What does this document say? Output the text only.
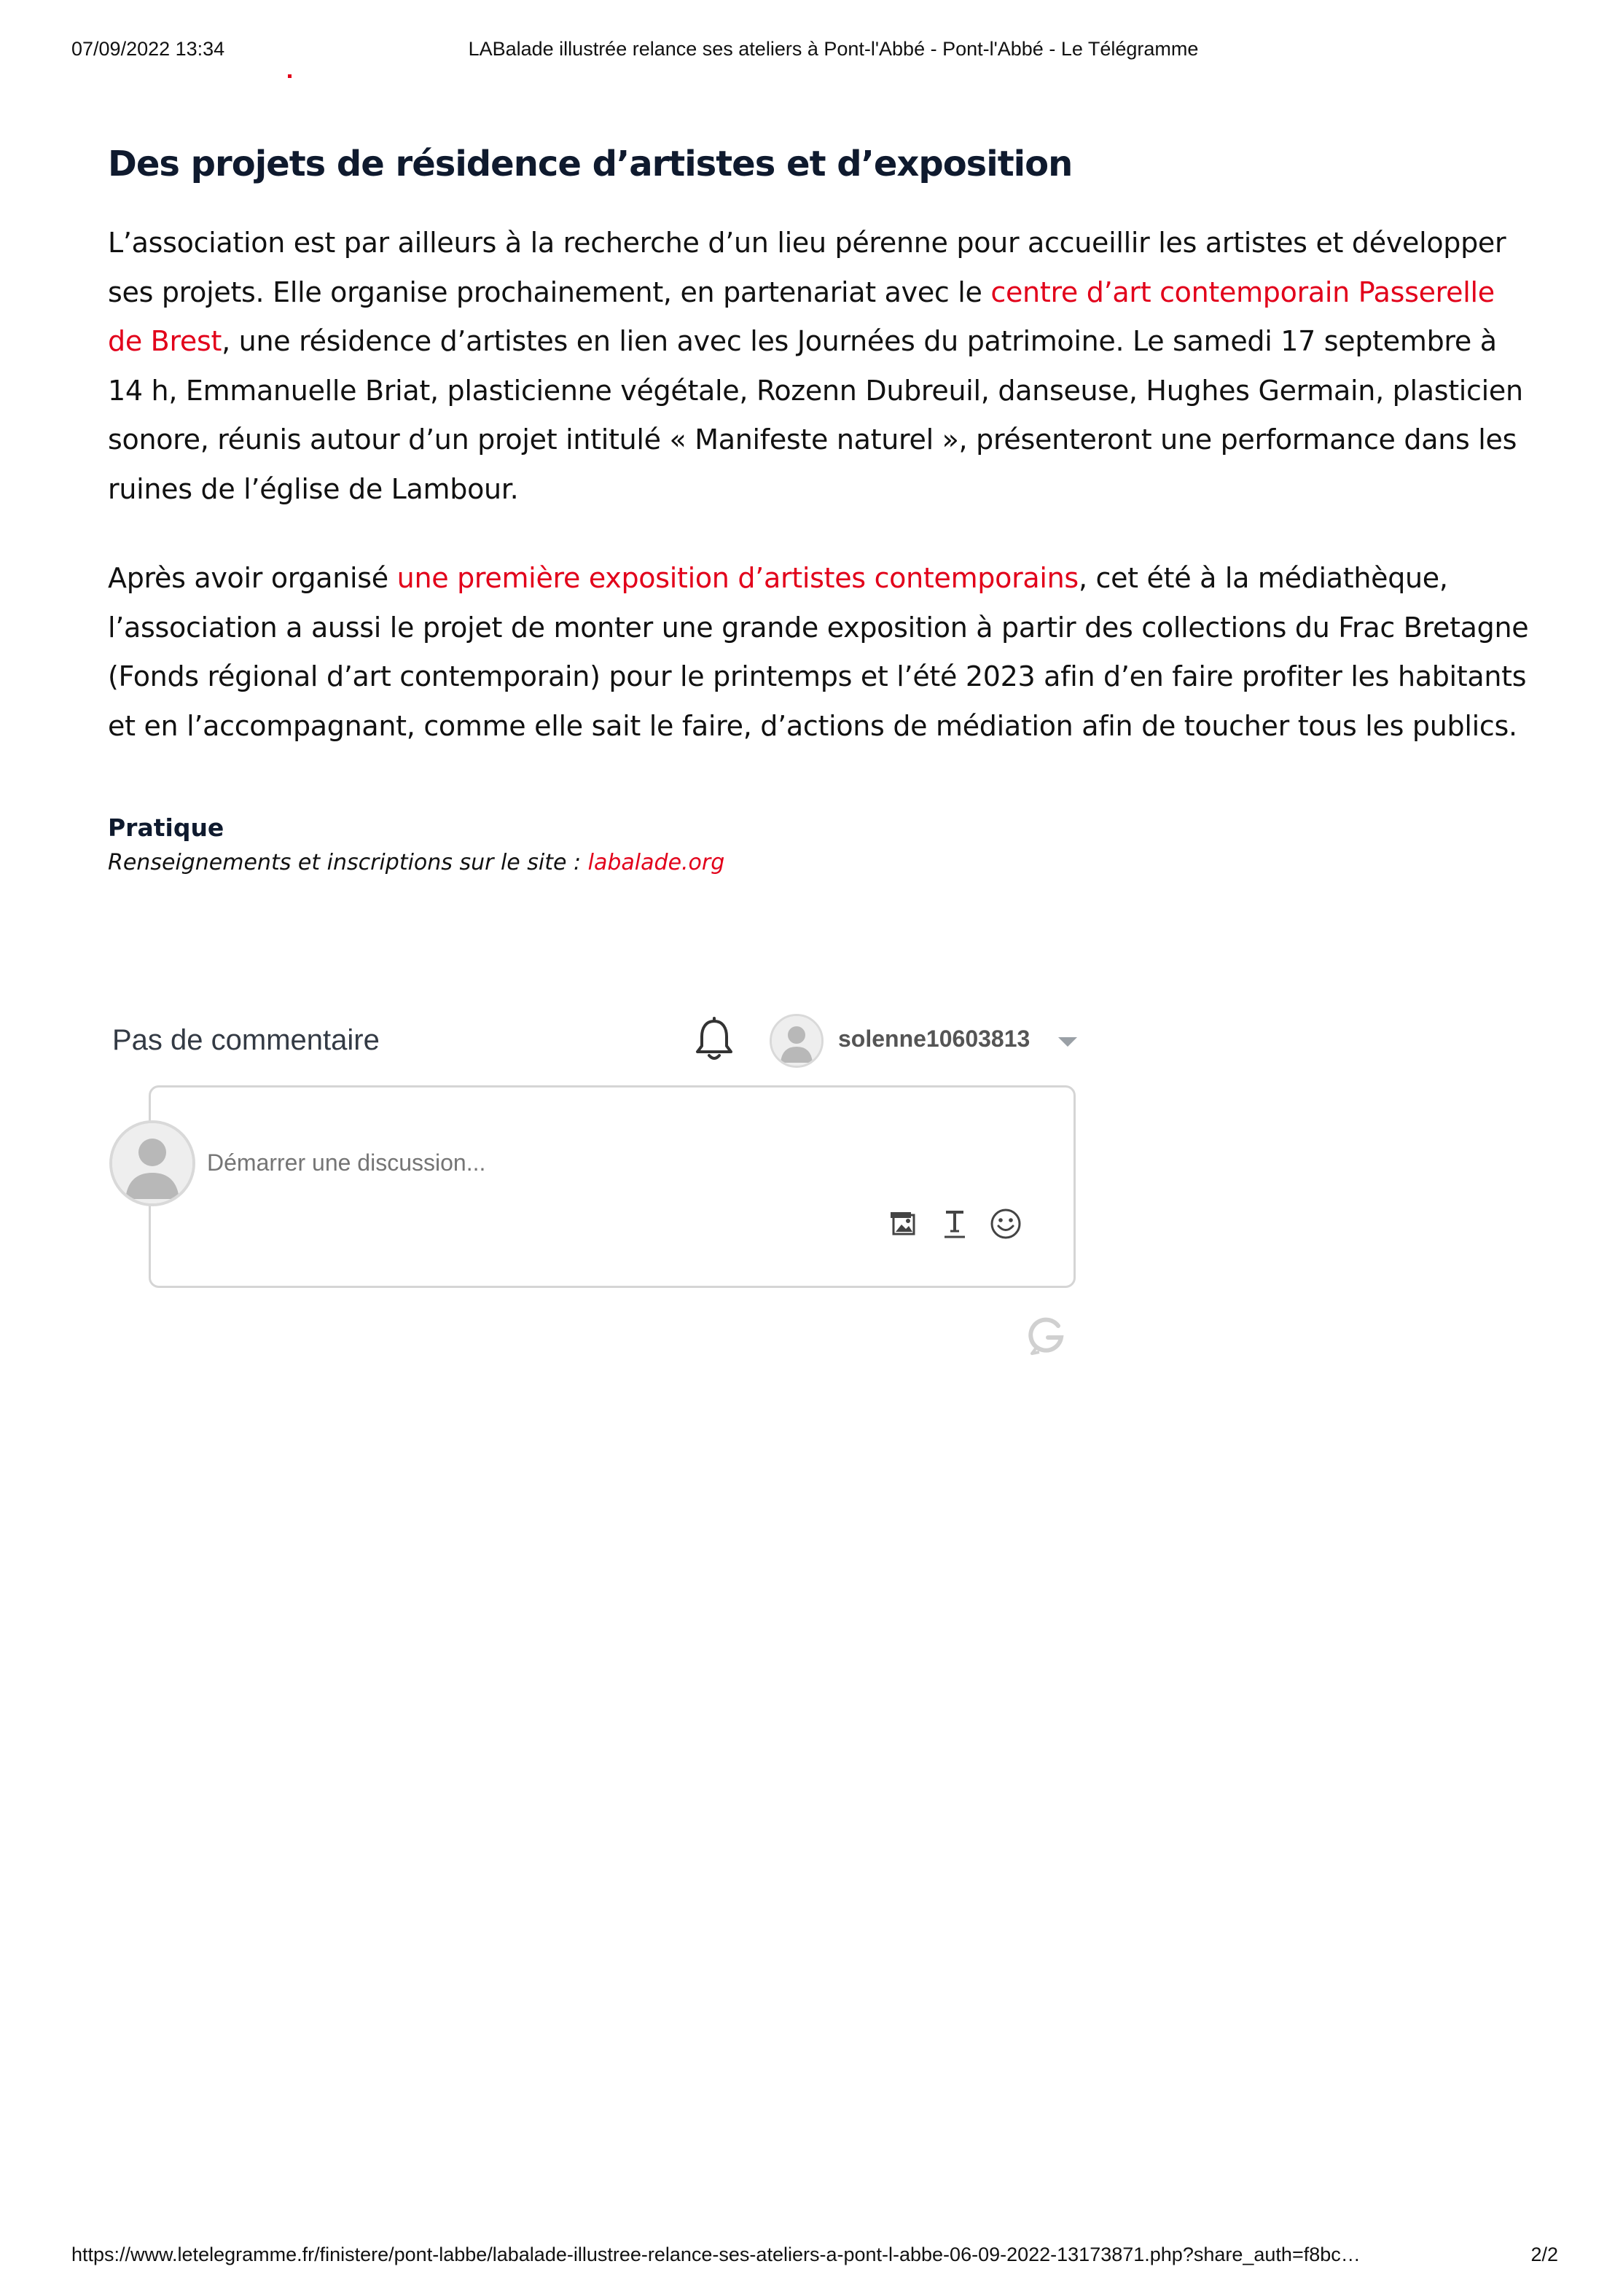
07/09/2022 13:34	LABalade illustrée relance ses ateliers à Pont-l'Abbé - Pont-l'Abbé - Le Télégramme
Des projets de résidence d’artistes et d’exposition

L’association est par ailleurs à la recherche d’un lieu pérenne pour accueillir les artistes et développer ses projets. Elle organise prochainement, en partenariat avec le centre d’art contemporain Passerelle de Brest, une résidence d’artistes en lien avec les Journées du patrimoine. Le samedi 17 septembre à 14 h, Emmanuelle Briat, plasticienne végétale, Rozenn Dubreuil, danseuse, Hughes Germain, plasticien sonore, réunis autour d’un projet intitulé « Manifeste naturel », présenteront une performance dans les ruines de l’église de Lambour.

Après avoir organisé une première exposition d’artistes contemporains, cet été à la médiathèque, l’association a aussi le projet de monter une grande exposition à partir des collections du Frac Bretagne (Fonds régional d’art contemporain) pour le printemps et l’été 2023 afin d’en faire profiter les habitants et en l’accompagnant, comme elle sait le faire, d’actions de médiation afin de toucher tous les publics.

Pratique
Renseignements et inscriptions sur le site : labalade.org
Pas de commentaire	solenne10603813
Démarrer une discussion...
https://www.letelegramme.fr/finistere/pont-labbe/labalade-illustree-relance-ses-ateliers-a-pont-l-abbe-06-09-2022-13173871.php?share_auth=f8bc…	2/2
